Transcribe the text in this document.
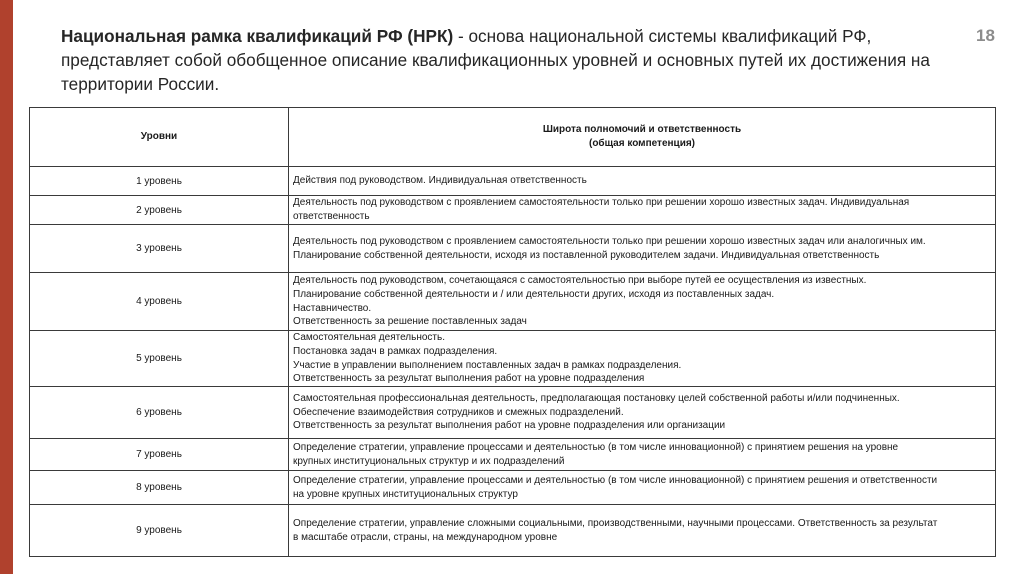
18
Национальная рамка квалификаций РФ (НРК) - основа национальной системы квалификаций РФ, представляет собой обобщенное описание квалификационных уровней и основных путей их достижения на территории России.
Уровни	Широта полномочий и ответственность
(общая компетенция)

1 уровень	Действия под руководством. Индивидуальная ответственность

2 уровень	Деятельность под руководством с проявлением самостоятельности только при решении хорошо известных задач. Индивидуальная
ответственность

3 уровень	Деятельность под руководством с проявлением самостоятельности только при решении хорошо известных задач или аналогичных им.
Планирование собственной деятельности, исходя из поставленной руководителем задачи. Индивидуальная ответственность

4 уровень	Деятельность под руководством, сочетающаяся с самостоятельностью при выборе путей ее осуществления из известных.
Планирование собственной деятельности и / или деятельности других, исходя из поставленных задач.
Наставничество.
Ответственность за решение поставленных задач

5 уровень	Самостоятельная деятельность.
Постановка задач в рамках подразделения.
Участие в управлении выполнением поставленных задач в рамках подразделения.
Ответственность за результат выполнения работ на уровне подразделения

6 уровень	Самостоятельная профессиональная деятельность, предполагающая постановку целей собственной работы и/или подчиненных.
Обеспечение взаимодействия сотрудников и смежных подразделений.
Ответственность за результат выполнения работ на уровне подразделения или организации

7 уровень	Определение стратегии, управление процессами и деятельностью (в том числе инновационной) с принятием решения на уровне
крупных институциональных структур и их подразделений

8 уровень	Определение стратегии, управление процессами и деятельностью (в том числе инновационной) с принятием решения и ответственности
на уровне крупных институциональных структур

9 уровень	Определение стратегии, управление сложными социальными, производственными, научными процессами. Ответственность за результат
в масштабе отрасли, страны, на международном уровне
